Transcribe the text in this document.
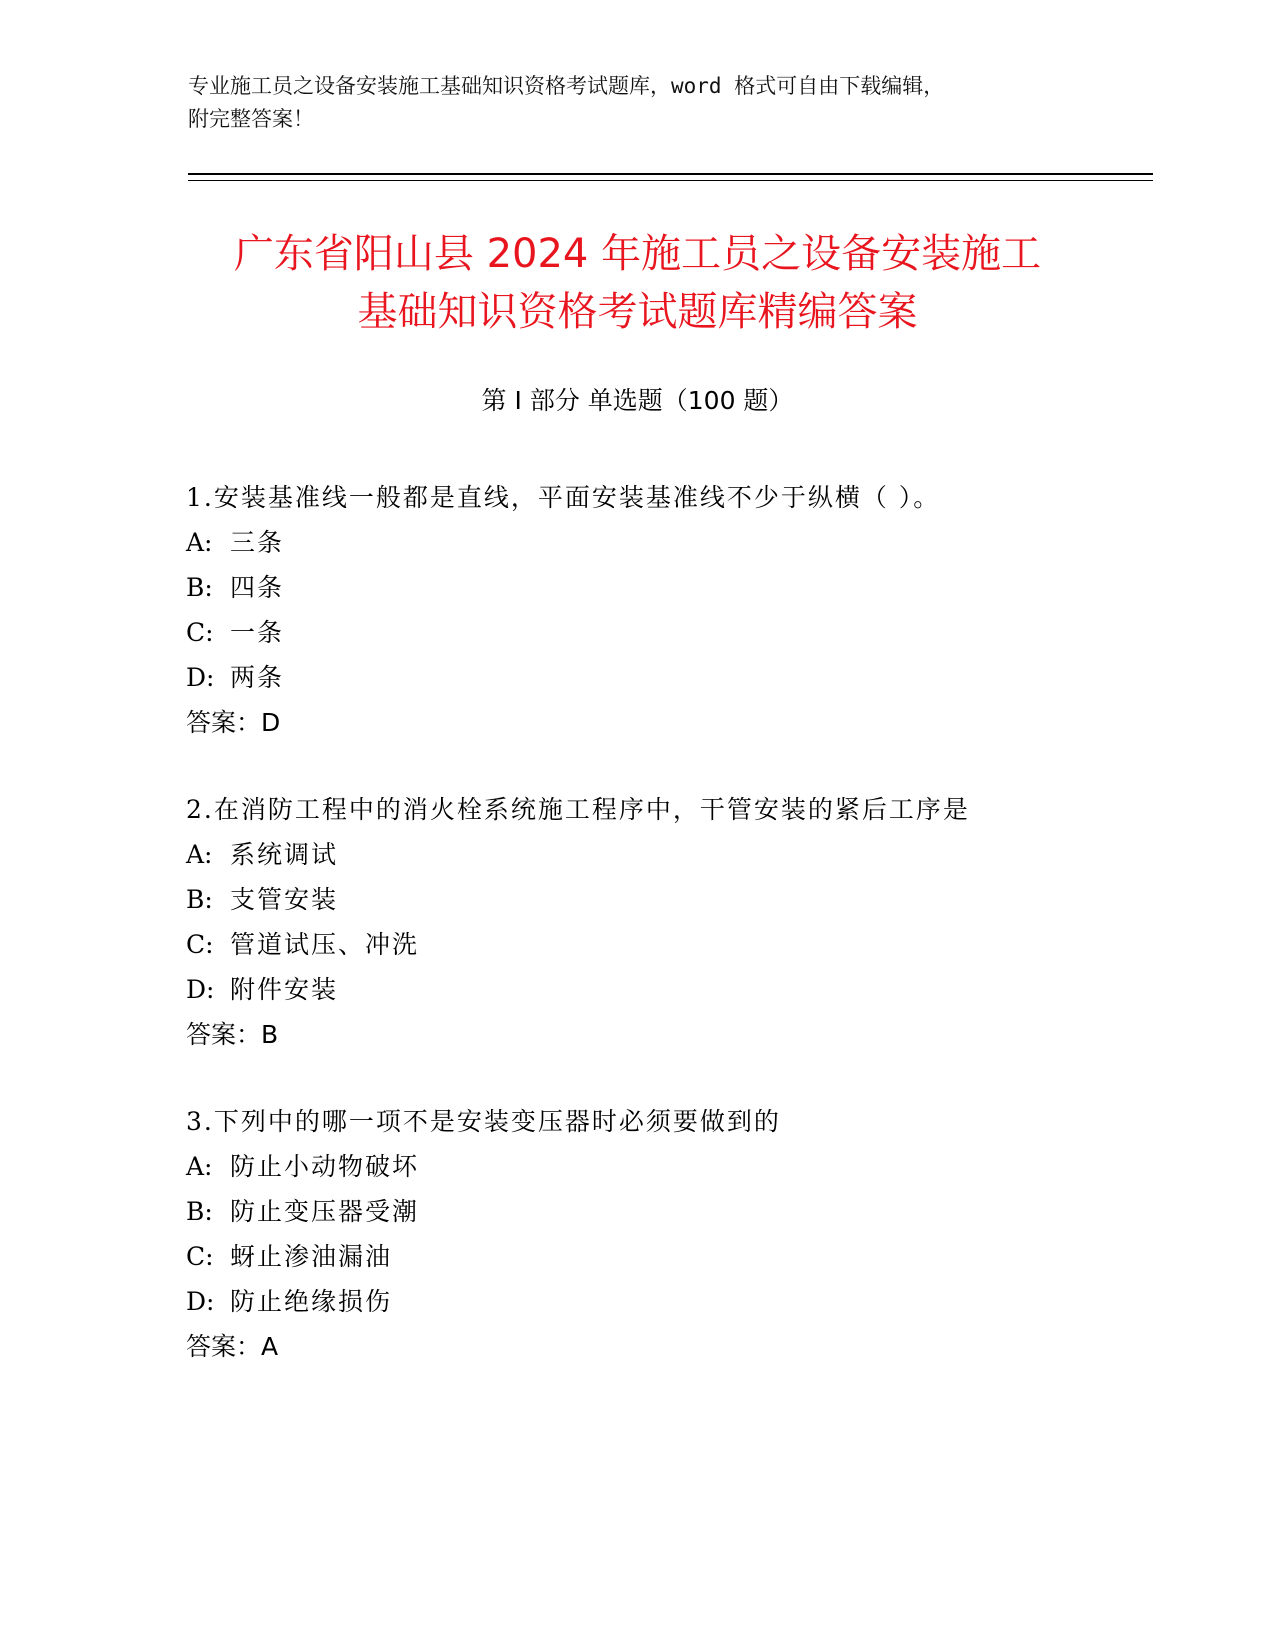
专业施工员之设备安装施工基础知识资格考试题库，word 格式可自由下载编辑，
附完整答案！
广东省阳山县 2024 年施工员之设备安装施工
基础知识资格考试题库精编答案
第 I 部分 单选题（100 题）
1.安装基准线一般都是直线，平面安装基准线不少于纵横（ ）。
A: 三条
B: 四条
C: 一条
D: 两条
答案：D
2.在消防工程中的消火栓系统施工程序中，干管安装的紧后工序是
A: 系统调试
B: 支管安装
C: 管道试压、冲洗
D: 附件安装
答案：B
3.下列中的哪一项不是安装变压器时必须要做到的
A: 防止小动物破坏
B: 防止变压器受潮
C: 蚜止渗油漏油
D: 防止绝缘损伤
答案：A
